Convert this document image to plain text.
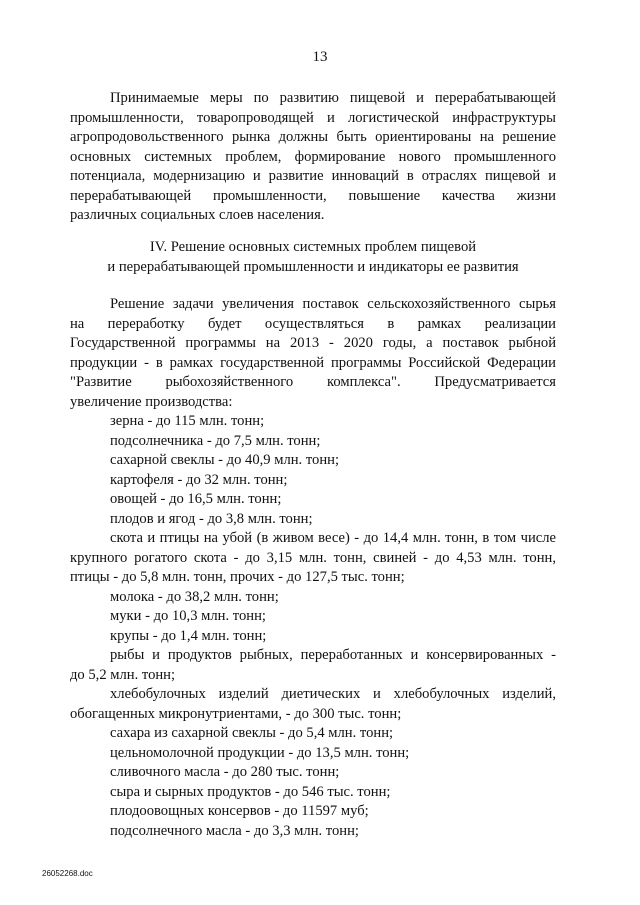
13

Принимаемые меры по развитию пищевой и перерабатывающей

промышленности, товаропроводящей и логистической инфраструктуры

агропродовольственного рынка должны быть ориентированы на решение

основных системных проблем, формирование нового промышленного

потенциала, модернизацию и развитие инноваций в отраслях пищевой и

перерабатывающей промышленности, повышение качества жизни

различных социальных слоев населения.

IV. Решение основных системных проблем пищевой
и перерабатывающей промышленности и индикаторы ее развития

Решение задачи увеличения поставок сельскохозяйственного сырья

на переработку будет осуществляться в рамках реализации

Государственной программы на 2013 - 2020 годы, а поставок рыбной

продукции - в рамках государственной программы Российской Федерации

"Развитие рыбохозяйственного комплекса". Предусматривается

увеличение производства:

зерна - до 115 млн. тонн;

подсолнечника - до 7,5 млн. тонн;

сахарной свеклы - до 40,9 млн. тонн;

картофеля - до 32 млн. тонн;

овощей - до 16,5 млн. тонн;

плодов и ягод - до 3,8 млн. тонн;

скота и птицы на убой (в живом весе) - до 14,4 млн. тонн, в том числе

крупного рогатого скота - до 3,15 млн. тонн, свиней - до 4,53 млн. тонн,

птицы - до 5,8 млн. тонн, прочих - до 127,5 тыс. тонн;

молока - до 38,2 млн. тонн;

муки - до 10,3 млн. тонн;

крупы - до 1,4 млн. тонн;

рыбы и продуктов рыбных, переработанных и консервированных -

до 5,2 млн. тонн;

хлебобулочных изделий диетических и хлебобулочных изделий,

обогащенных микронутриентами, - до 300 тыс. тонн;

сахара из сахарной свеклы - до 5,4 млн. тонн;

цельномолочной продукции - до 13,5 млн. тонн;

сливочного масла - до 280 тыс. тонн;

сыра и сырных продуктов - до 546 тыс. тонн;

плодоовощных консервов - до 11597 муб;

подсолнечного масла - до 3,3 млн. тонн;

26052268.doc
